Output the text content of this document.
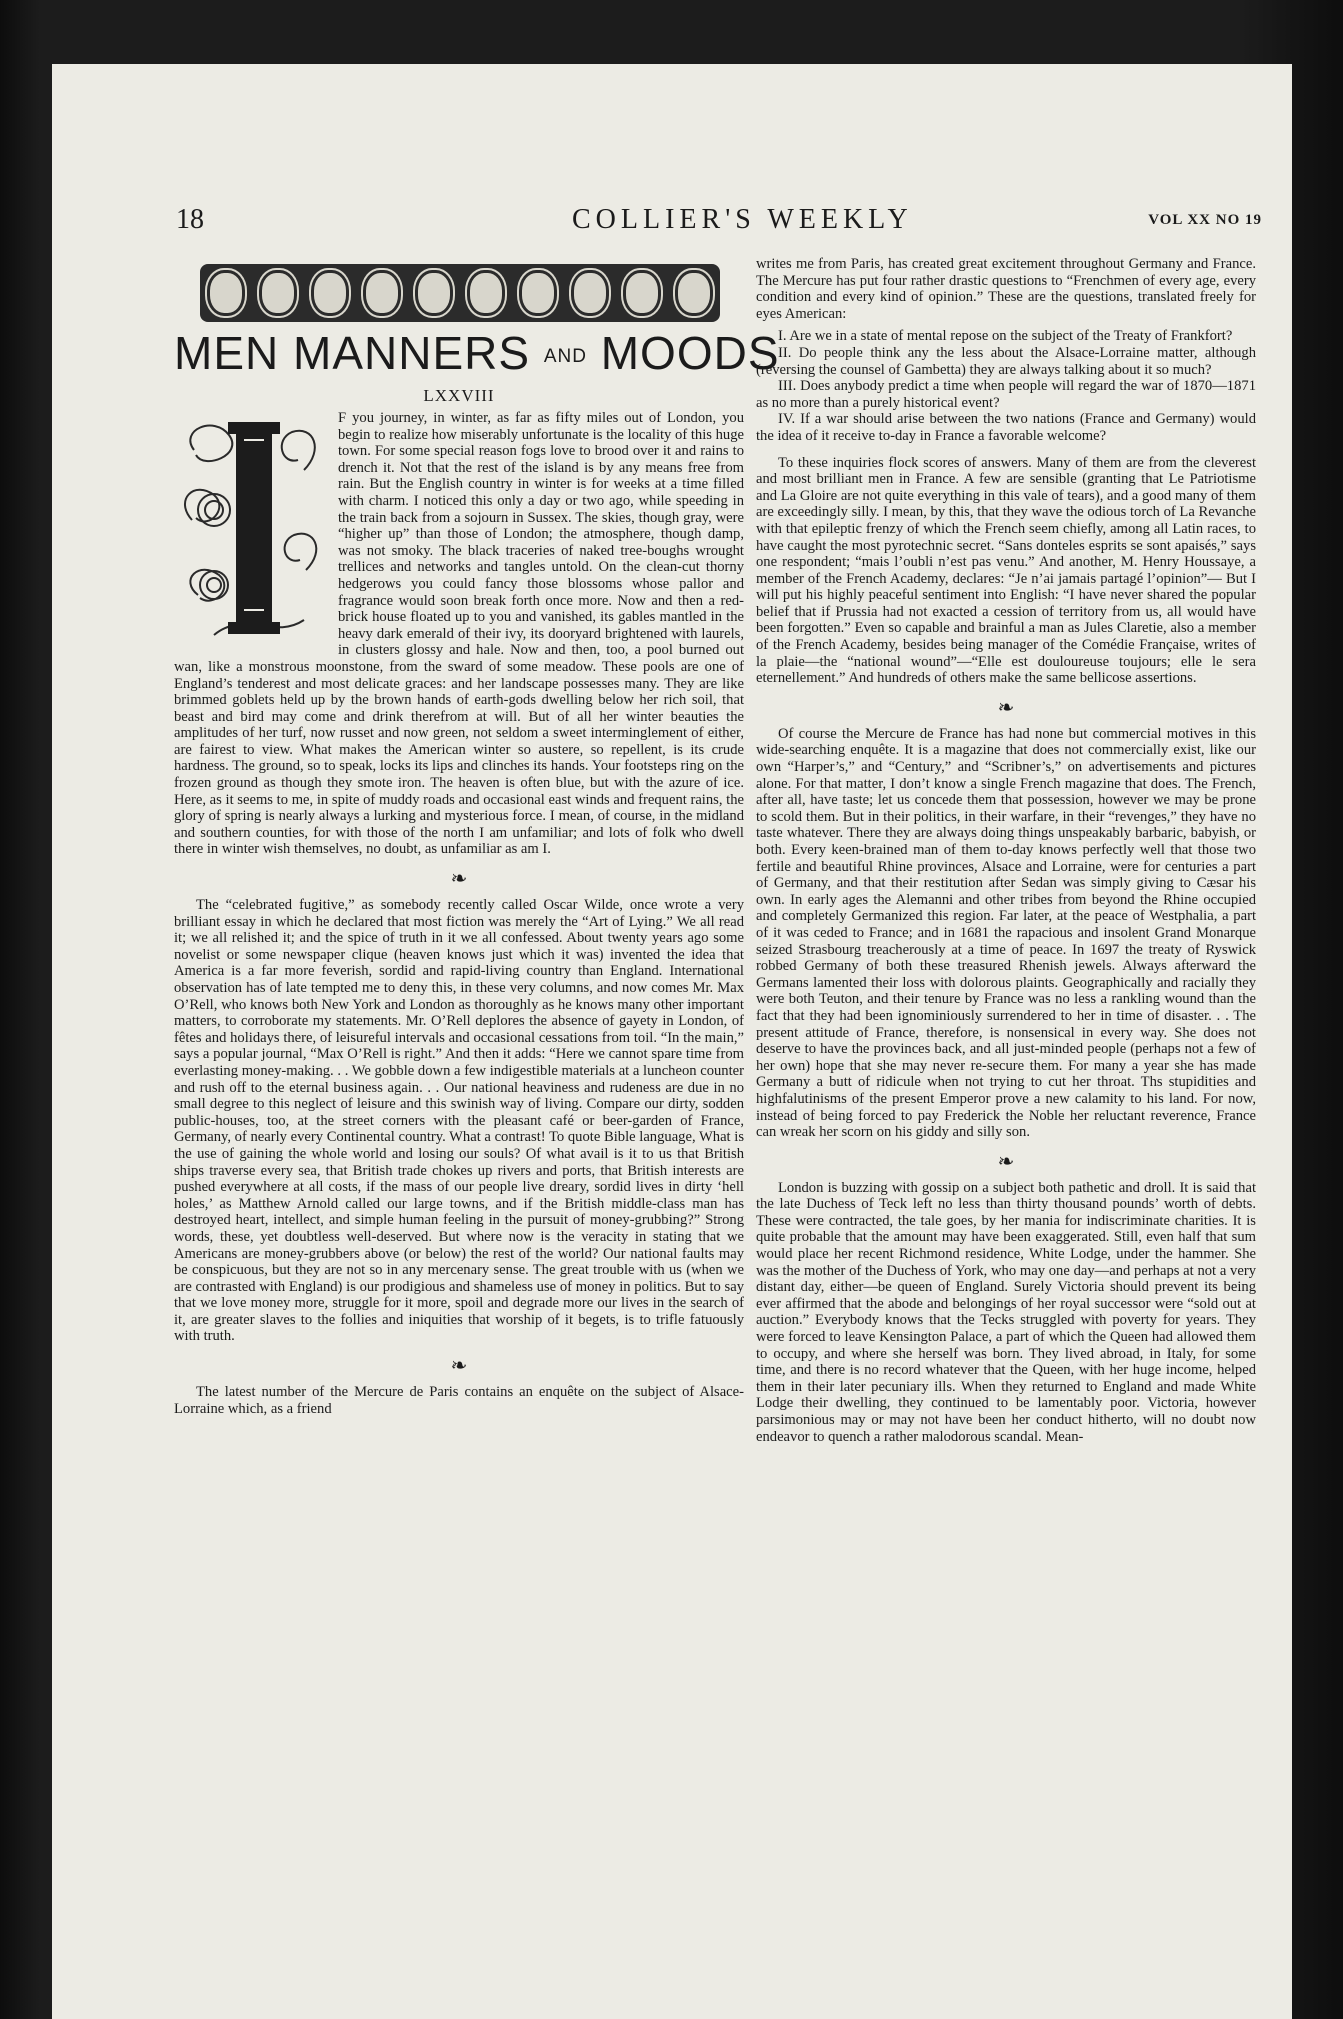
18	COLLIER'S WEEKLY	VOL XX NO 19
MEN MANNERS AND MOODS
LXXVIII

F you journey, in winter, as far as fifty miles out of London, you begin to realize how miserably unfortunate is the locality of this huge town. For some special reason fogs love to brood over it and rains to drench it. Not that the rest of the island is by any means free from rain. But the English country in winter is for weeks at a time filled with charm. I noticed this only a day or two ago, while speeding in the train back from a sojourn in Sussex. The skies, though gray, were “higher up” than those of London; the atmosphere, though damp, was not smoky. The black traceries of naked tree-boughs wrought trellices and networks and tangles untold. On the clean-cut thorny hedgerows you could fancy those blossoms whose pallor and fragrance would soon break forth once more. Now and then a red-brick house floated up to you and vanished, its gables mantled in the heavy dark emerald of their ivy, its dooryard brightened with laurels, in clusters glossy and hale. Now and then, too, a pool burned out wan, like a monstrous moonstone, from the sward of some meadow. These pools are one of England’s tenderest and most delicate graces: and her landscape possesses many. They are like brimmed goblets held up by the brown hands of earth-gods dwelling below her rich soil, that beast and bird may come and drink therefrom at will. But of all her winter beauties the amplitudes of her turf, now russet and now green, not seldom a sweet interminglement of either, are fairest to view. What makes the American winter so austere, so repellent, is its crude hardness. The ground, so to speak, locks its lips and clinches its hands. Your footsteps ring on the frozen ground as though they smote iron. The heaven is often blue, but with the azure of ice. Here, as it seems to me, in spite of muddy roads and occasional east winds and frequent rains, the glory of spring is nearly always a lurking and mysterious force. I mean, of course, in the midland and southern counties, for with those of the north I am unfamiliar; and lots of folk who dwell there in winter wish themselves, no doubt, as unfamiliar as am I.

❧

The “celebrated fugitive,” as somebody recently called Oscar Wilde, once wrote a very brilliant essay in which he declared that most fiction was merely the “Art of Lying.” We all read it; we all relished it; and the spice of truth in it we all confessed. About twenty years ago some novelist or some newspaper clique (heaven knows just which it was) invented the idea that America is a far more feverish, sordid and rapid-living country than England. International observation has of late tempted me to deny this, in these very columns, and now comes Mr. Max O’Rell, who knows both New York and London as thoroughly as he knows many other important matters, to corroborate my statements. Mr. O’Rell deplores the absence of gayety in London, of fêtes and holidays there, of leisureful intervals and occasional cessations from toil. “In the main,” says a popular journal, “Max O’Rell is right.” And then it adds: “Here we cannot spare time from everlasting money-making. . . We gobble down a few indigestible materials at a luncheon counter and rush off to the eternal business again. . . Our national heaviness and rudeness are due in no small degree to this neglect of leisure and this swinish way of living. Compare our dirty, sodden public-houses, too, at the street corners with the pleasant café or beer-garden of France, Germany, of nearly every Continental country. What a contrast! To quote Bible language, What is the use of gaining the whole world and losing our souls? Of what avail is it to us that British ships traverse every sea, that British trade chokes up rivers and ports, that British interests are pushed everywhere at all costs, if the mass of our people live dreary, sordid lives in dirty ‘hell holes,’ as Matthew Arnold called our large towns, and if the British middle-class man has destroyed heart, intellect, and simple human feeling in the pursuit of money-grubbing?” Strong words, these, yet doubtless well-deserved. But where now is the veracity in stating that we Americans are money-grubbers above (or below) the rest of the world? Our national faults may be conspicuous, but they are not so in any mercenary sense. The great trouble with us (when we are contrasted with England) is our prodigious and shameless use of money in politics. But to say that we love money more, struggle for it more, spoil and degrade more our lives in the search of it, are greater slaves to the follies and iniquities that worship of it begets, is to trifle fatuously with truth.

❧

The latest number of the Mercure de Paris contains an enquête on the subject of Alsace-Lorraine which, as a friend

writes me from Paris, has created great excitement throughout Germany and France. The Mercure has put four rather drastic questions to “Frenchmen of every age, every condition and every kind of opinion.” These are the questions, translated freely for eyes American:

I. Are we in a state of mental repose on the subject of the Treaty of Frankfort?

II. Do people think any the less about the Alsace-Lorraine matter, although (reversing the counsel of Gambetta) they are always talking about it so much?

III. Does anybody predict a time when people will regard the war of 1870—1871 as no more than a purely historical event?

IV. If a war should arise between the two nations (France and Germany) would the idea of it receive to-day in France a favorable welcome?

To these inquiries flock scores of answers. Many of them are from the cleverest and most brilliant men in France. A few are sensible (granting that Le Patriotisme and La Gloire are not quite everything in this vale of tears), and a good many of them are exceedingly silly. I mean, by this, that they wave the odious torch of La Revanche with that epileptic frenzy of which the French seem chiefly, among all Latin races, to have caught the most pyrotechnic secret. “Sans donteles esprits se sont apaisés,” says one respondent; “mais l’oubli n’est pas venu.” And another, M. Henry Houssaye, a member of the French Academy, declares: “Je n’ai jamais partagé l’opinion”— But I will put his highly peaceful sentiment into English: “I have never shared the popular belief that if Prussia had not exacted a cession of territory from us, all would have been forgotten.” Even so capable and brainful a man as Jules Claretie, also a member of the French Academy, besides being manager of the Comédie Française, writes of la plaie—the “national wound”—“Elle est douloureuse toujours; elle le sera eternellement.” And hundreds of others make the same bellicose assertions.

❧

Of course the Mercure de France has had none but commercial motives in this wide-searching enquête. It is a magazine that does not commercially exist, like our own “Harper’s,” and “Century,” and “Scribner’s,” on advertisements and pictures alone. For that matter, I don’t know a single French magazine that does. The French, after all, have taste; let us concede them that possession, however we may be prone to scold them. But in their politics, in their warfare, in their “revenges,” they have no taste whatever. There they are always doing things unspeakably barbaric, babyish, or both. Every keen-brained man of them to-day knows perfectly well that those two fertile and beautiful Rhine provinces, Alsace and Lorraine, were for centuries a part of Germany, and that their restitution after Sedan was simply giving to Cæsar his own. In early ages the Alemanni and other tribes from beyond the Rhine occupied and completely Germanized this region. Far later, at the peace of Westphalia, a part of it was ceded to France; and in 1681 the rapacious and insolent Grand Monarque seized Strasbourg treacherously at a time of peace. In 1697 the treaty of Ryswick robbed Germany of both these treasured Rhenish jewels. Always afterward the Germans lamented their loss with dolorous plaints. Geographically and racially they were both Teuton, and their tenure by France was no less a rankling wound than the fact that they had been ignominiously surrendered to her in time of disaster. . . The present attitude of France, therefore, is nonsensical in every way. She does not deserve to have the provinces back, and all just-minded people (perhaps not a few of her own) hope that she may never re-secure them. For many a year she has made Germany a butt of ridicule when not trying to cut her throat. Ths stupidities and highfalutinisms of the present Emperor prove a new calamity to his land. For now, instead of being forced to pay Frederick the Noble her reluctant reverence, France can wreak her scorn on his giddy and silly son.

❧

London is buzzing with gossip on a subject both pathetic and droll. It is said that the late Duchess of Teck left no less than thirty thousand pounds’ worth of debts. These were contracted, the tale goes, by her mania for indiscriminate charities. It is quite probable that the amount may have been exaggerated. Still, even half that sum would place her recent Richmond residence, White Lodge, under the hammer. She was the mother of the Duchess of York, who may one day—and perhaps at not a very distant day, either—be queen of England. Surely Victoria should prevent its being ever affirmed that the abode and belongings of her royal successor were “sold out at auction.” Everybody knows that the Tecks struggled with poverty for years. They were forced to leave Kensington Palace, a part of which the Queen had allowed them to occupy, and where she herself was born. They lived abroad, in Italy, for some time, and there is no record whatever that the Queen, with her huge income, helped them in their later pecuniary ills. When they returned to England and made White Lodge their dwelling, they continued to be lamentably poor. Victoria, however parsimonious may or may not have been her conduct hitherto, will no doubt now endeavor to quench a rather malodorous scandal. Mean-
